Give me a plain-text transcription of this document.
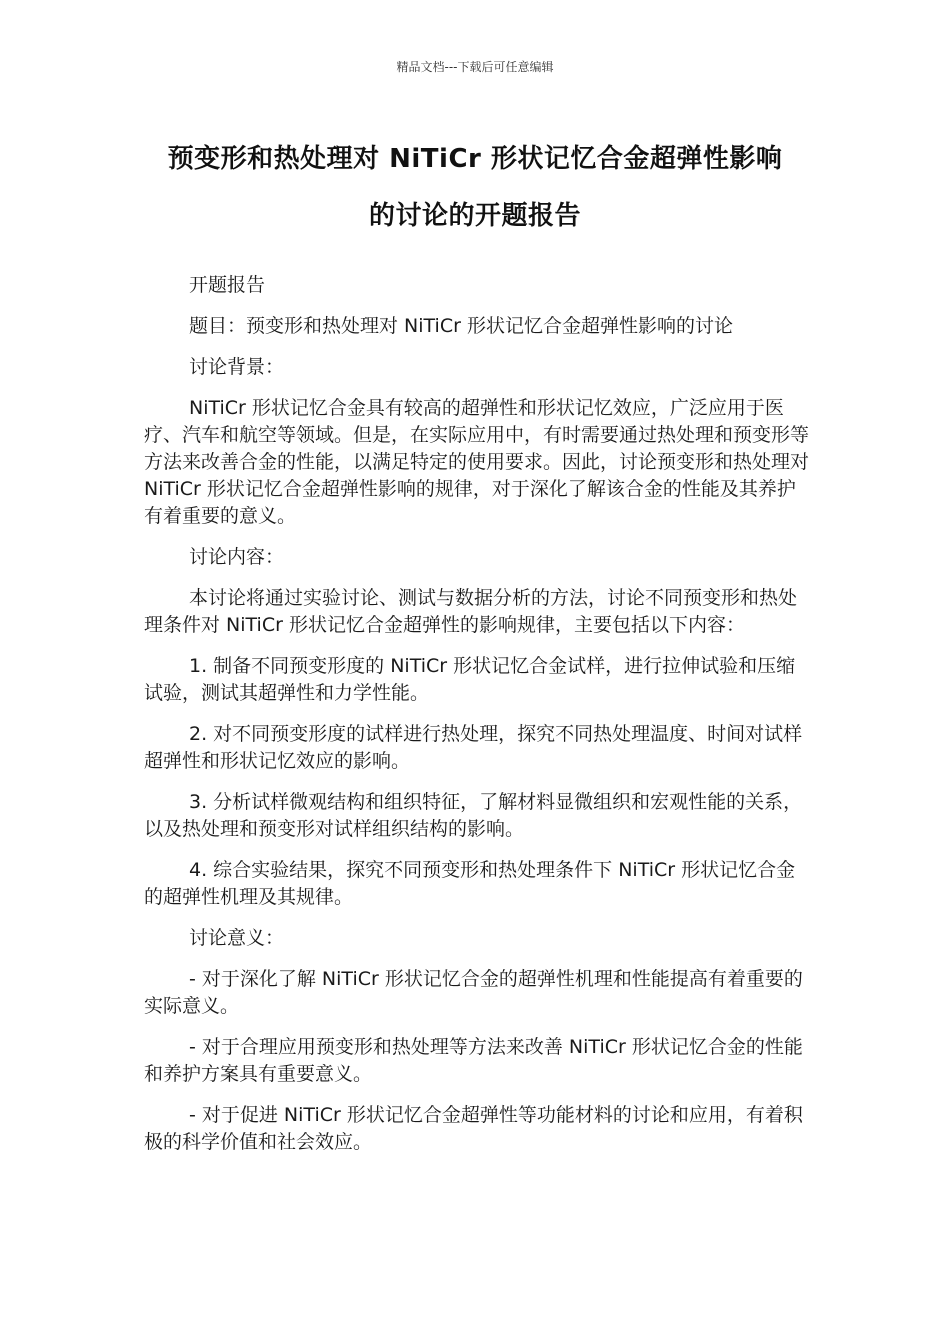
精品文档---下载后可任意编辑
预变形和热处理对 NiTiCr 形状记忆合金超弹性影响
的讨论的开题报告

开题报告

题目：预变形和热处理对 NiTiCr 形状记忆合金超弹性影响的讨论

讨论背景：

NiTiCr 形状记忆合金具有较高的超弹性和形状记忆效应，广泛应用于医疗、汽车和航空等领域。但是，在实际应用中，有时需要通过热处理和预变形等方法来改善合金的性能，以满足特定的使用要求。因此，讨论预变形和热处理对 NiTiCr 形状记忆合金超弹性影响的规律，对于深化了解该合金的性能及其养护有着重要的意义。

讨论内容：

本讨论将通过实验讨论、测试与数据分析的方法，讨论不同预变形和热处理条件对 NiTiCr 形状记忆合金超弹性的影响规律，主要包括以下内容：

1. 制备不同预变形度的 NiTiCr 形状记忆合金试样，进行拉伸试验和压缩试验，测试其超弹性和力学性能。

2. 对不同预变形度的试样进行热处理，探究不同热处理温度、时间对试样超弹性和形状记忆效应的影响。

3. 分析试样微观结构和组织特征，了解材料显微组织和宏观性能的关系，以及热处理和预变形对试样组织结构的影响。

4. 综合实验结果，探究不同预变形和热处理条件下 NiTiCr 形状记忆合金的超弹性机理及其规律。

讨论意义：

- 对于深化了解 NiTiCr 形状记忆合金的超弹性机理和性能提高有着重要的实际意义。

- 对于合理应用预变形和热处理等方法来改善 NiTiCr 形状记忆合金的性能和养护方案具有重要意义。

- 对于促进 NiTiCr 形状记忆合金超弹性等功能材料的讨论和应用，有着积极的科学价值和社会效应。
